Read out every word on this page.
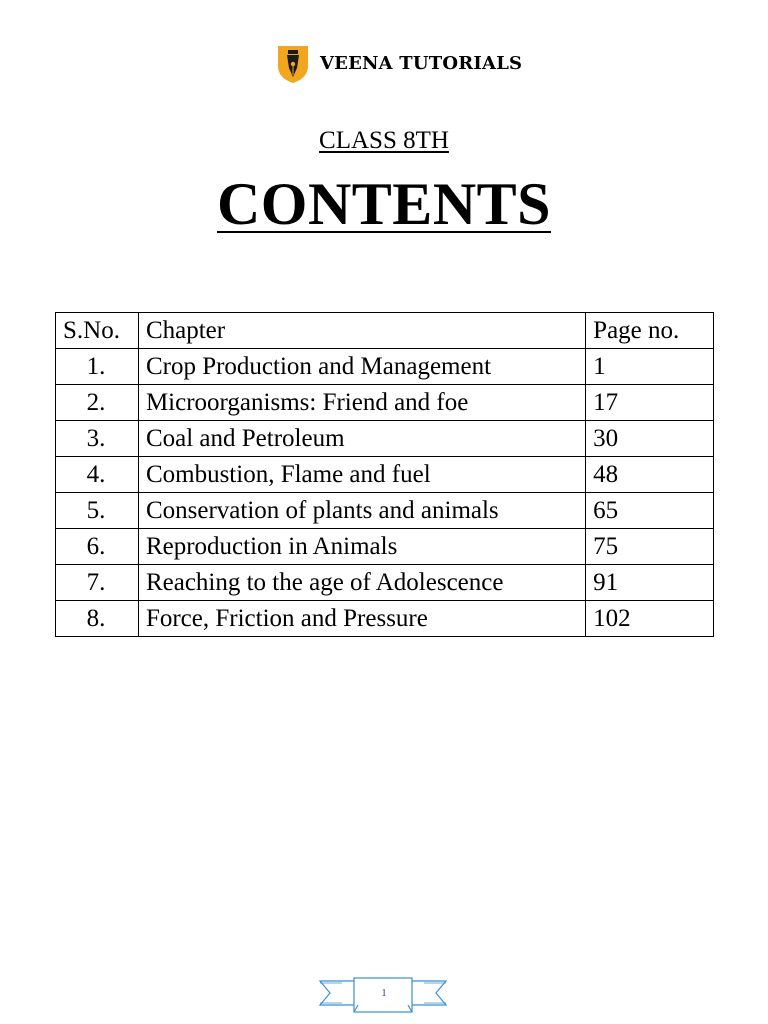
VEENA TUTORIALS
CLASS 8TH
CONTENTS
S.No.	Chapter	Page no.
1.	Crop Production and Management	1
2.	Microorganisms: Friend and foe	17
3.	Coal and Petroleum	30
4.	Combustion, Flame and fuel	48
5.	Conservation of plants and animals	65
6.	Reproduction in Animals	75
7.	Reaching to the age of Adolescence	91
8.	Force, Friction and Pressure	102
1
